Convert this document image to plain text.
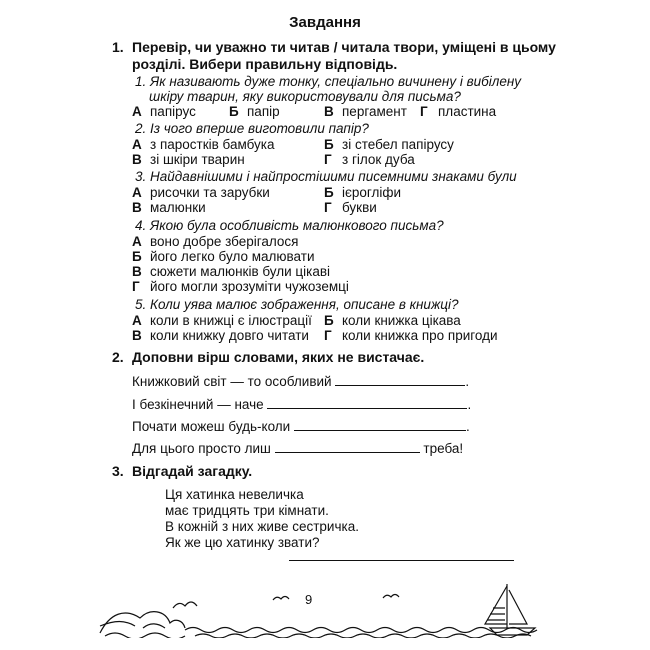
Завдання
1. Перевір, чи уважно ти читав / читала твори, уміщені в цьому
розділі. Вибери правильну відповідь.
1. Як називають дуже тонку, спеціально вичинену і вибілену
шкіру тварин, яку використовували для письма?
А папірус Б папір	В пергамент Г пластина
2. Із чого вперше виготовили папір?
А з паростків бамбука	Б зі стебел папірусу
В зі шкіри тварин	Г з гілок дуба
3. Найдавнішими і найпростішими писемними знаками були
А рисочки та зарубки	Б ієрогліфи
В малюнки	Г букви
4. Якою була особливість малюнкового письма?
А воно добре зберігалося
Б його легко було малювати
В сюжети малюнків були цікаві
Г його могли зрозуміти чужоземці
5. Коли уява малює зображення, описане в книжці?
А коли в книжці є ілюстрації Б коли книжка цікава
В коли книжку довго читати Г коли книжка про пригоди
2. Доповни вірш словами, яких не вистачає.
Книжковий світ — то особливий	.
І безкінечний — наче	.
Почати можеш будь-коли	.
Для цього просто лиш	треба!
3. Відгадай загадку.
Ця хатинка невеличка
має тридцять три кімнати.
В кожній з них живе сестричка.
Як же цю хатинку звати?
9
